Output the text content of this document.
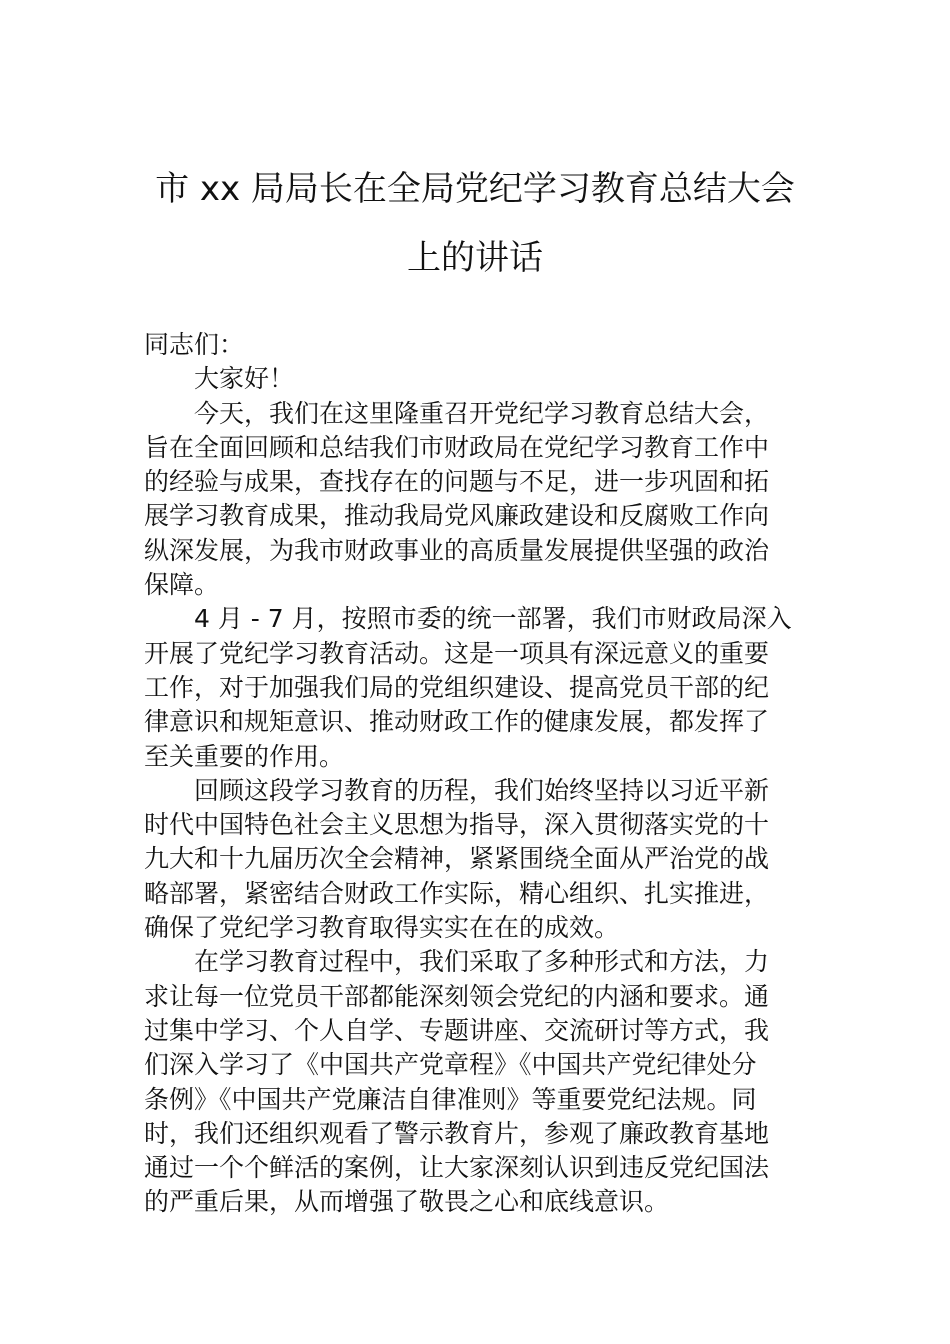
市 xx 局局长在全局党纪学习教育总结大会
上的讲话
同志们：
大家好！
今天，我们在这里隆重召开党纪学习教育总结大会，
旨在全面回顾和总结我们市财政局在党纪学习教育工作中
的经验与成果，查找存在的问题与不足，进一步巩固和拓
展学习教育成果，推动我局党风廉政建设和反腐败工作向
纵深发展，为我市财政事业的高质量发展提供坚强的政治
保障。
4 月 - 7 月，按照市委的统一部署，我们市财政局深入
开展了党纪学习教育活动。这是一项具有深远意义的重要
工作，对于加强我们局的党组织建设、提高党员干部的纪
律意识和规矩意识、推动财政工作的健康发展，都发挥了
至关重要的作用。
回顾这段学习教育的历程，我们始终坚持以习近平新
时代中国特色社会主义思想为指导，深入贯彻落实党的十
九大和十九届历次全会精神，紧紧围绕全面从严治党的战
略部署，紧密结合财政工作实际，精心组织、扎实推进，
确保了党纪学习教育取得实实在在的成效。
在学习教育过程中，我们采取了多种形式和方法，力
求让每一位党员干部都能深刻领会党纪的内涵和要求。通
过集中学习、个人自学、专题讲座、交流研讨等方式，我
们深入学习了《中国共产党章程》《中国共产党纪律处分
条例》《中国共产党廉洁自律准则》等重要党纪法规。同
时，我们还组织观看了警示教育片，参观了廉政教育基地
通过一个个鲜活的案例，让大家深刻认识到违反党纪国法
的严重后果，从而增强了敬畏之心和底线意识。
